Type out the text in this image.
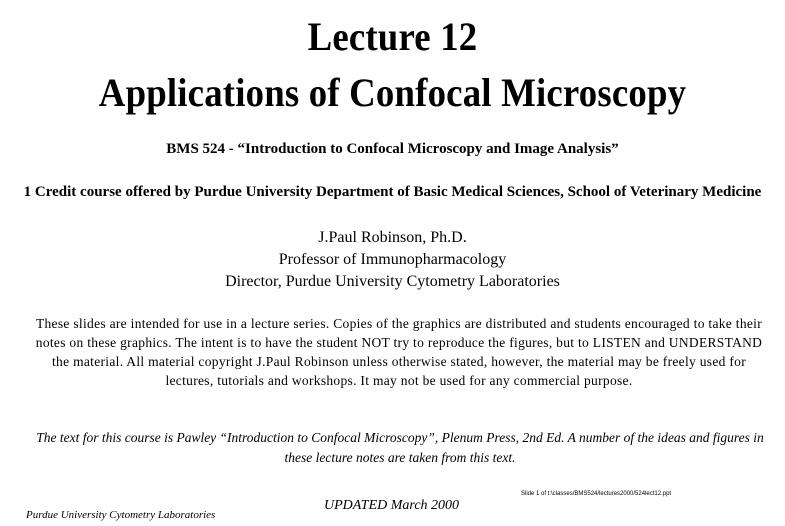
Lecture 12
Applications of Confocal Microscopy
BMS 524 - “Introduction to Confocal Microscopy and Image Analysis”
1 Credit course offered by Purdue University Department of Basic Medical Sciences, School of Veterinary Medicine
J.Paul Robinson, Ph.D.
Professor of Immunopharmacology
Director, Purdue University Cytometry Laboratories
These slides are intended for use in a lecture series. Copies of the graphics are distributed and students encouraged to take their notes on these graphics. The intent is to have the student NOT try to reproduce the figures, but to LISTEN and UNDERSTAND the material. All material copyright J.Paul Robinson unless otherwise stated, however, the material may be freely used for lectures, tutorials and workshops. It may not be used for any commercial purpose.
The text for this course is Pawley “Introduction to Confocal Microscopy”, Plenum Press, 2nd Ed. A number of the ideas and figures in these lecture notes are taken from this text.
Purdue University Cytometry Laboratories
UPDATED March 2000
Slide 1 of t:\classes/BMS524/lectures2000/524lect12.ppt
